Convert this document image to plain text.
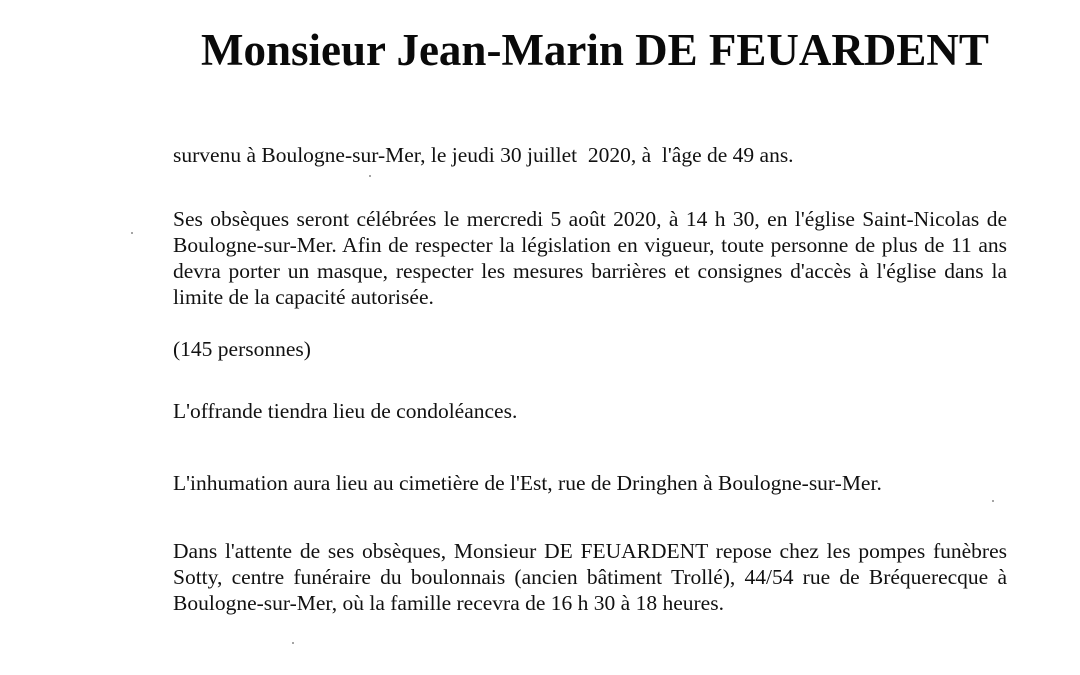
Monsieur Jean-Marin DE FEUARDENT

survenu à Boulogne-sur-Mer, le jeudi 30 juillet  2020, à  l'âge de 49 ans.

Ses obsèques seront célébrées le mercredi 5 août 2020, à 14 h 30, en l'église Saint-Nicolas de Boulogne-sur-Mer. Afin de respecter la législation en vigueur, toute personne de plus de 11 ans devra porter un masque, respecter les mesures barrières et consignes d'accès à l'église dans la limite de la capacité autorisée.

(145 personnes)

L'offrande tiendra lieu de condoléances.

L'inhumation aura lieu au cimetière de l'Est, rue de Dringhen à Boulogne-sur-Mer.

Dans l'attente de ses obsèques, Monsieur DE FEUARDENT repose chez les pompes funèbres Sotty, centre funéraire du boulonnais (ancien bâtiment Trollé), 44/54 rue de Bréquerecque à Boulogne-sur-Mer, où la famille recevra de 16 h 30 à 18 heures.
